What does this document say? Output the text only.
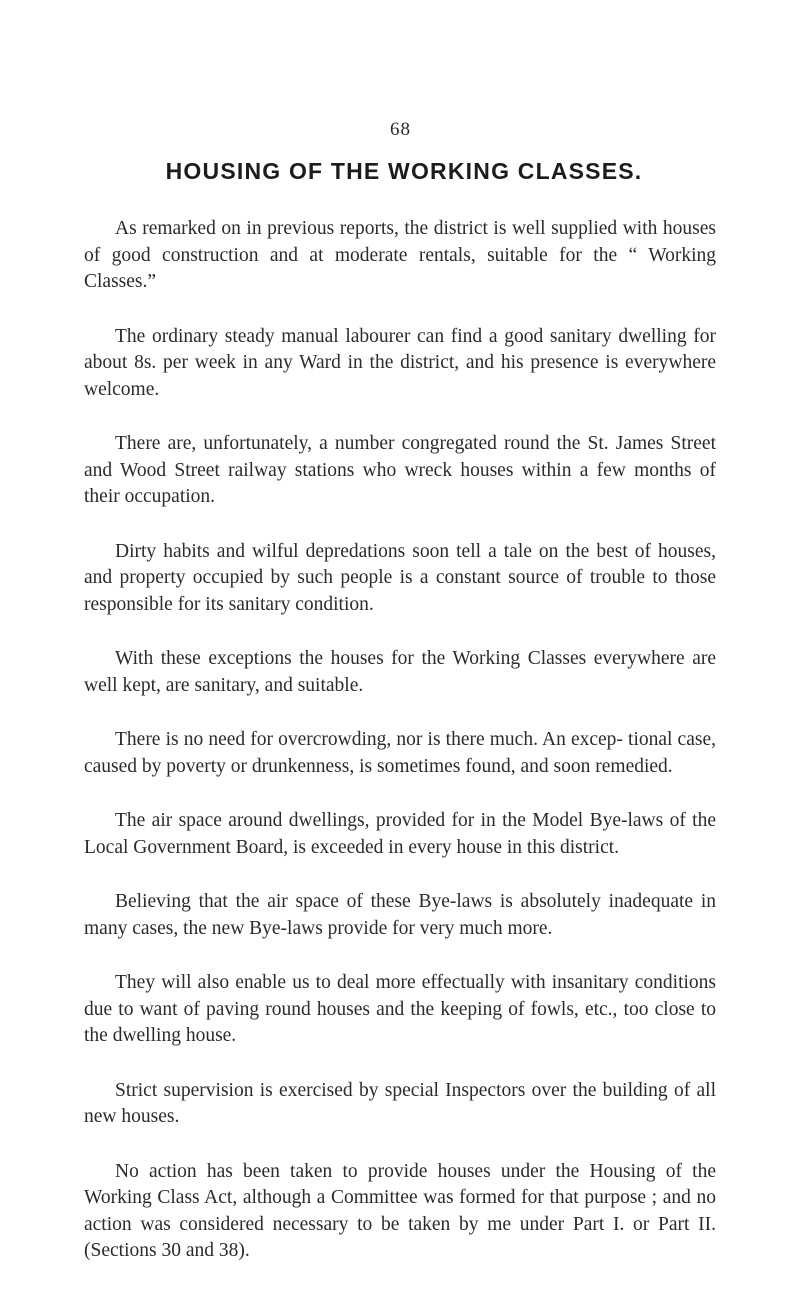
68
HOUSING OF THE WORKING CLASSES.

As remarked on in previous reports, the district is well supplied with houses of good construction and at moderate rentals, suitable for the “ Working Classes.”

The ordinary steady manual labourer can find a good sanitary dwelling for about 8s. per week in any Ward in the district, and his presence is everywhere welcome.

There are, unfortunately, a number congregated round the St. James Street and Wood Street railway stations who wreck houses within a few months of their occupation.

Dirty habits and wilful depredations soon tell a tale on the best of houses, and property occupied by such people is a constant source of trouble to those responsible for its sanitary condition.

With these exceptions the houses for the Working Classes everywhere are well kept, are sanitary, and suitable.

There is no need for overcrowding, nor is there much. An excep- tional case, caused by poverty or drunkenness, is sometimes found, and soon remedied.

The air space around dwellings, provided for in the Model Bye-laws of the Local Government Board, is exceeded in every house in this district.

Believing that the air space of these Bye-laws is absolutely inadequate in many cases, the new Bye-laws provide for very much more.

They will also enable us to deal more effectually with insanitary conditions due to want of paving round houses and the keeping of fowls, etc., too close to the dwelling house.

Strict supervision is exercised by special Inspectors over the building of all new houses.

No action has been taken to provide houses under the Housing of the Working Class Act, although a Committee was formed for that purpose ; and no action was considered necessary to be taken by me under Part I. or Part II. (Sections 30 and 38).
